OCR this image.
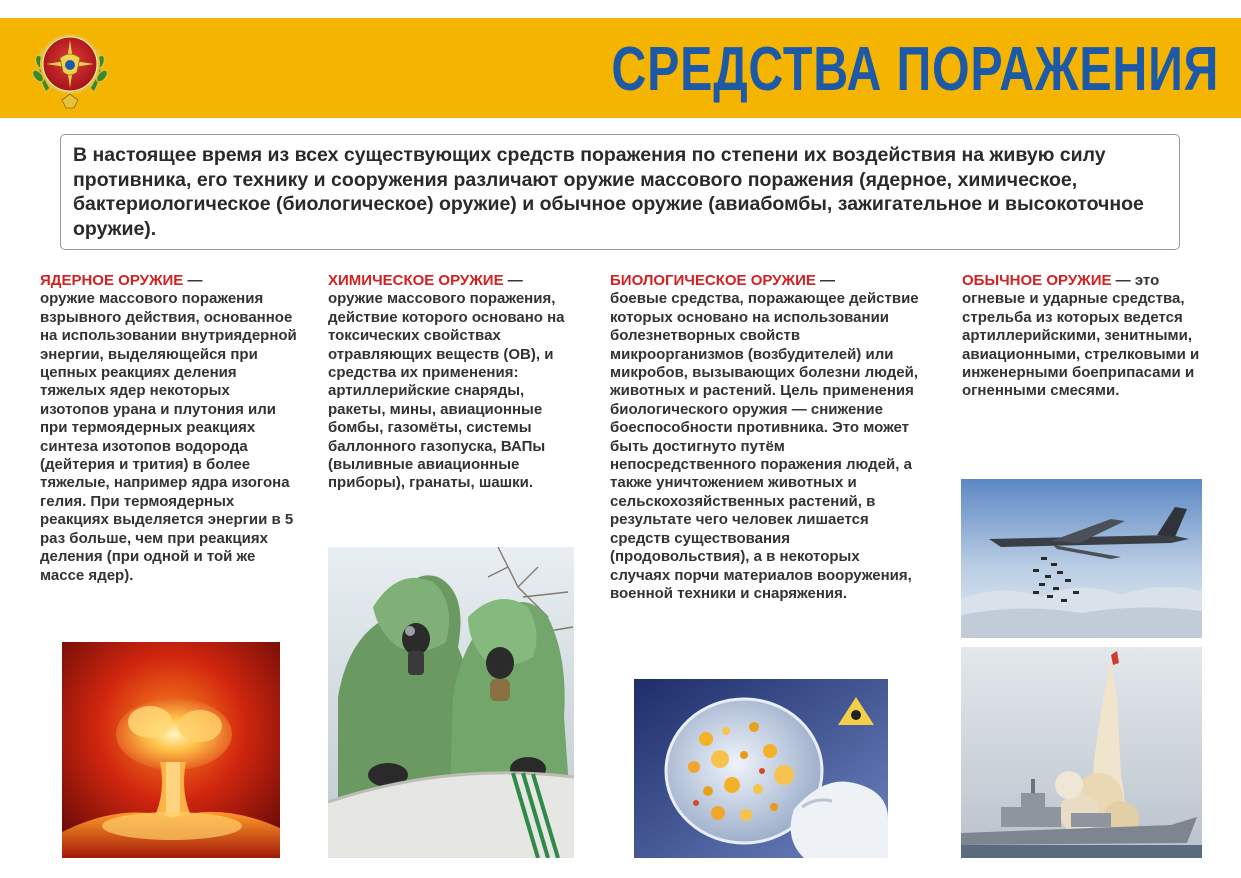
СРЕДСТВА ПОРАЖЕНИЯ
В настоящее время из всех существующих средств поражения по степени их воздействия на живую силу противника, его технику и сооружения различают оружие массового поражения (ядерное, химическое, бактериологическое (биологическое) оружие) и обычное оружие (авиабомбы, зажигательное и высокоточное оружие).
ЯДЕРНОЕ ОРУЖИЕ —
оружие массового поражения взрывного действия, основанное на использовании внутриядерной энергии, выделяющейся при цепных реакциях деления тяжелых ядер некоторых изотопов урана и плутония или при термоядерных реакциях синтеза изотопов водорода (дейтерия и трития) в более тяжелые, например ядра изогона гелия. При термоядерных реакциях выделяется энергии в 5 раз больше, чем при реакциях деления (при одной и той же массе ядер).
ХИМИЧЕСКОЕ ОРУЖИЕ —
оружие массового поражения, действие которого основано на токсических свойствах отравляющих веществ (ОВ), и средства их применения: артиллерийские снаряды, ракеты, мины, авиационные бомбы, газомёты, системы баллонного газопуска, ВАПы (выливные авиационные приборы), гранаты, шашки.
БИОЛОГИЧЕСКОЕ ОРУЖИЕ —
боевые средства, поражающее действие которых основано на использовании болезнетворных свойств микроорганизмов (возбудителей) или микробов, вызывающих болезни людей, животных и растений. Цель применения биологического оружия — снижение боеспособности противника. Это может быть достигнуто путём непосредственного поражения людей, а также уничтожением животных и сельскохозяйственных растений, в результате чего человек лишается средств существования (продовольствия), а в некоторых случаях порчи материалов вооружения, военной техники и снаряжения.
ОБЫЧНОЕ ОРУЖИЕ — это
огневые и ударные средства, стрельба из которых ведется артиллерийскими, зенитными, авиационными, стрелковыми и инженерными боеприпасами и огненными смесями.
